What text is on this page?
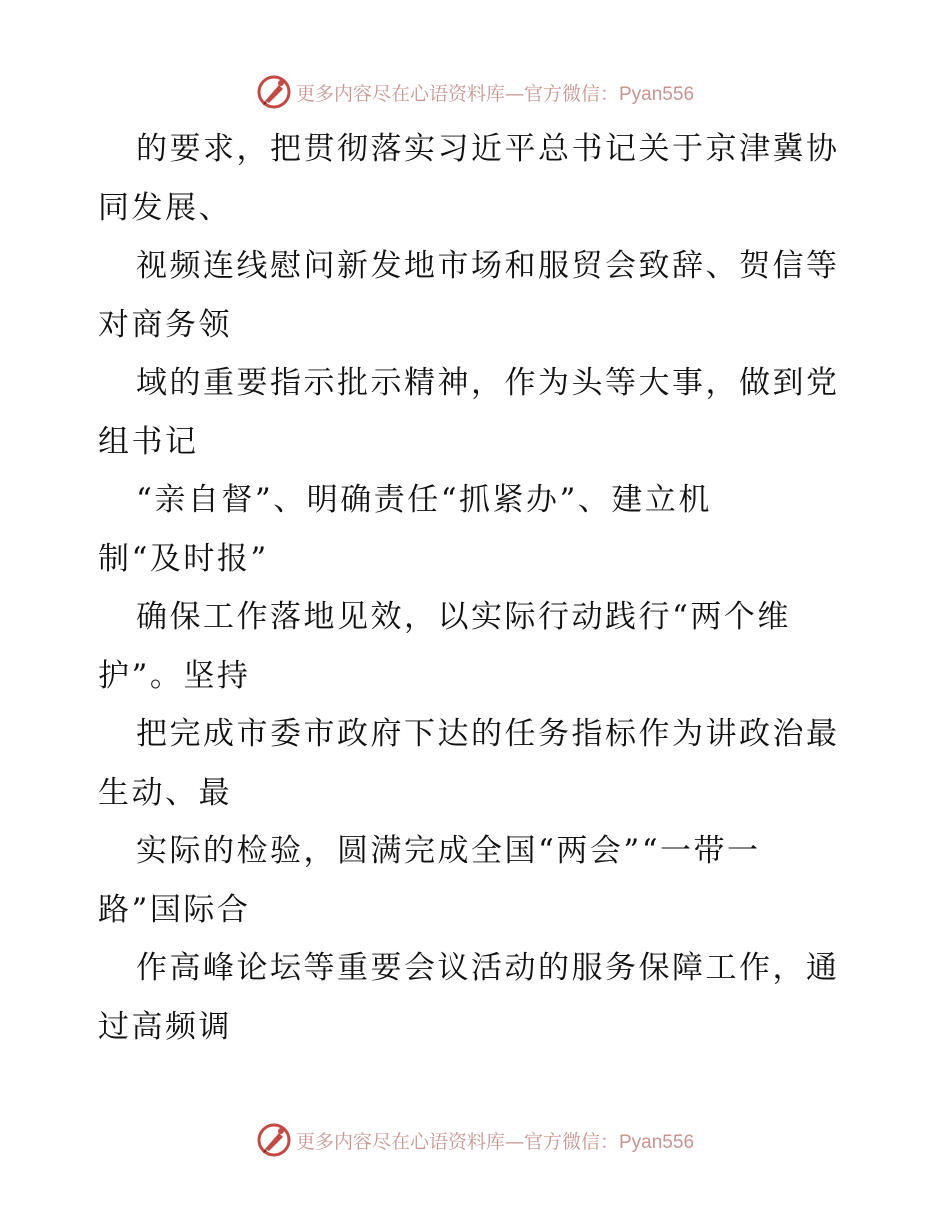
更多内容尽在心语资料库—官方微信：Pyan556
的要求，把贯彻落实习近平总书记关于京津冀协
同发展、
视频连线慰问新发地市场和服贸会致辞、贺信等
对商务领
域的重要指示批示精神，作为头等大事，做到党
组书记
“亲自督”、明确责任“抓紧办”、建立机
制“及时报”
确保工作落地见效，以实际行动践行“两个维
护”。坚持
把完成市委市政府下达的任务指标作为讲政治最
生动、最
实际的检验，圆满完成全国“两会”“一带一
路”国际合
作高峰论坛等重要会议活动的服务保障工作，通
过高频调
更多内容尽在心语资料库—官方微信：Pyan556
